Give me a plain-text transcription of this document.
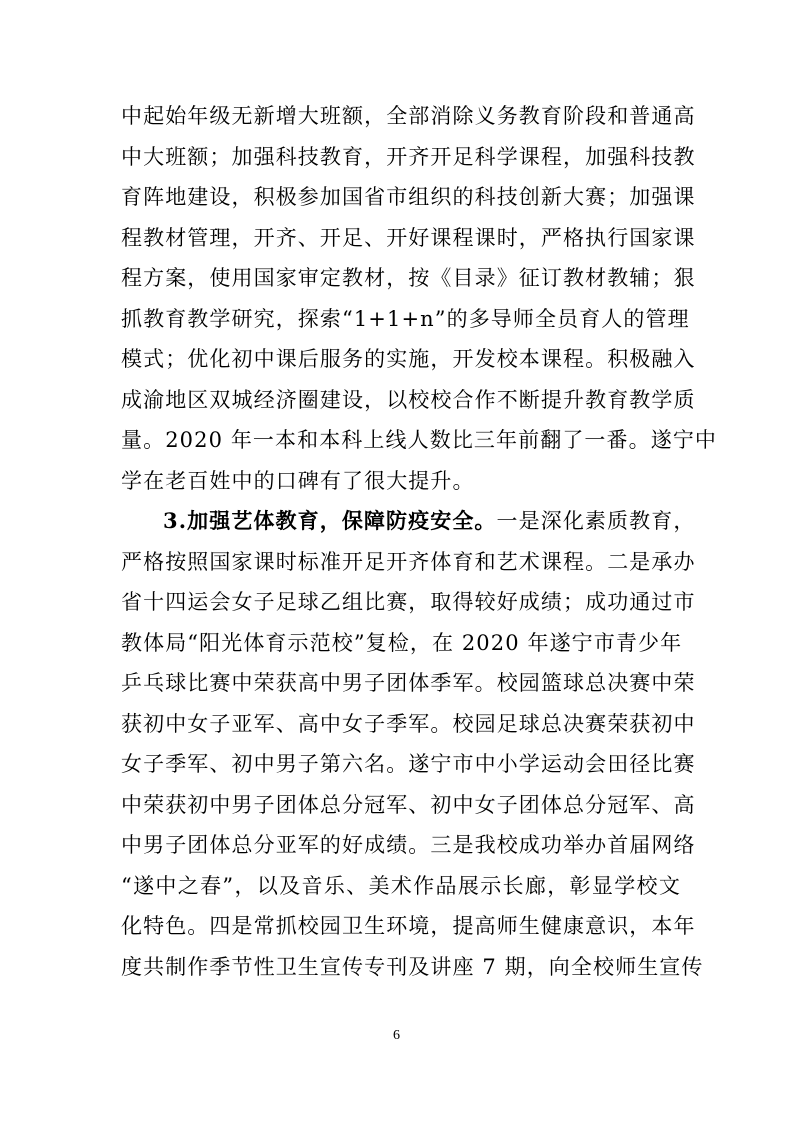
中起始年级无新增大班额，全部消除义务教育阶段和普通高
中大班额；加强科技教育，开齐开足科学课程，加强科技教
育阵地建设，积极参加国省市组织的科技创新大赛；加强课
程教材管理，开齐、开足、开好课程课时，严格执行国家课
程方案，使用国家审定教材，按《目录》征订教材教辅；狠
抓教育教学研究，探索“1+1+n”的多导师全员育人的管理
模式；优化初中课后服务的实施，开发校本课程。积极融入
成渝地区双城经济圈建设，以校校合作不断提升教育教学质
量。2020 年一本和本科上线人数比三年前翻了一番。遂宁中
学在老百姓中的口碑有了很大提升。
3.加强艺体教育，保障防疫安全。一是深化素质教育，
严格按照国家课时标准开足开齐体育和艺术课程。二是承办
省十四运会女子足球乙组比赛，取得较好成绩；成功通过市
教体局“阳光体育示范校”复检，在 2020 年遂宁市青少年
乒乓球比赛中荣获高中男子团体季军。校园篮球总决赛中荣
获初中女子亚军、高中女子季军。校园足球总决赛荣获初中
女子季军、初中男子第六名。遂宁市中小学运动会田径比赛
中荣获初中男子团体总分冠军、初中女子团体总分冠军、高
中男子团体总分亚军的好成绩。三是我校成功举办首届网络
“遂中之春”，以及音乐、美术作品展示长廊，彰显学校文
化特色。四是常抓校园卫生环境，提高师生健康意识，本年
度共制作季节性卫生宣传专刊及讲座 7 期，向全校师生宣传
6
